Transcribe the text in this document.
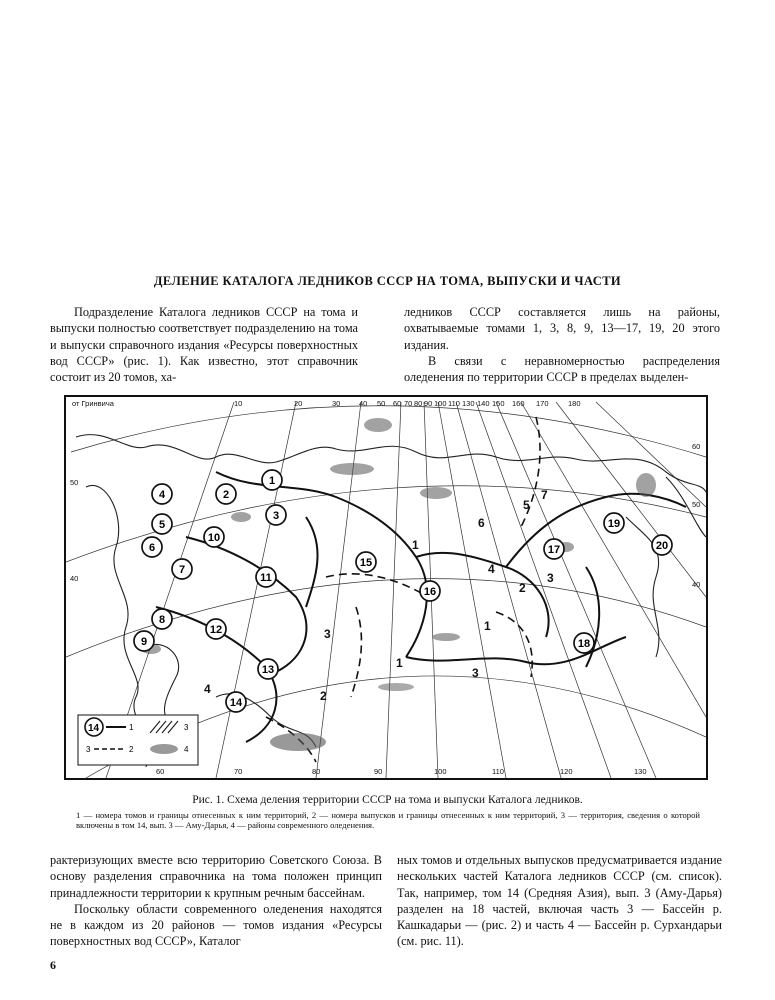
ДЕЛЕНИЕ КАТАЛОГА ЛЕДНИКОВ СССР НА ТОМА, ВЫПУСКИ И ЧАСТИ

Подразделение Каталога ледников СССР на тома и выпуски полностью соответствует подразделению на тома и выпуски справочного издания «Ресурсы поверхностных вод СССР» (рис. 1). Как известно, этот справочник состоит из 20 томов, ха-

ледников СССР составляется лишь на районы, охватываемые томами 1, 3, 8, 9, 13—17, 19, 20 этого издания.

В связи с неравномерностью распределения оледенения по территории СССР в пределах выделен-

от Гринвича	10	20	30 40 50 60 70 80 90 100 110 130 140 150 160 170	180
60	70	80	90	100	110	120	130
50
40
60
50
40
1
2
3
4
5
6
7
8
9
10
11
12
13
14
15
16
17
18
19
20
1
2
3
4
5
6
7
2
3
4
1
1
3
14	1
3	2
3
4
Рис. 1. Схема деления территории СССР на тома и выпуски Каталога ледников.
1 — номера томов и границы отнесенных к ним территорий, 2 — номера выпусков и границы отнесенных к ним территорий, 3 — территория, сведения о которой включены в том 14, вып. 3 — Аму-Дарья, 4 — районы современного оледенения.

рактеризующих вместе всю территорию Советского Союза. В основу разделения справочника на тома положен принцип принадлежности территории к крупным речным бассейнам.

Поскольку области современного оледенения находятся не в каждом из 20 районов — томов издания «Ресурсы поверхностных вод СССР», Каталог

ных томов и отдельных выпусков предусматривается издание нескольких частей Каталога ледников СССР (см. список). Так, например, том 14 (Средняя Азия), вып. 3 (Аму-Дарья) разделен на 18 частей, включая часть 3 — Бассейн р. Кашкадарьи — (рис. 2) и часть 4 — Бассейн р. Сурхандарьи (см. рис. 11).

6
